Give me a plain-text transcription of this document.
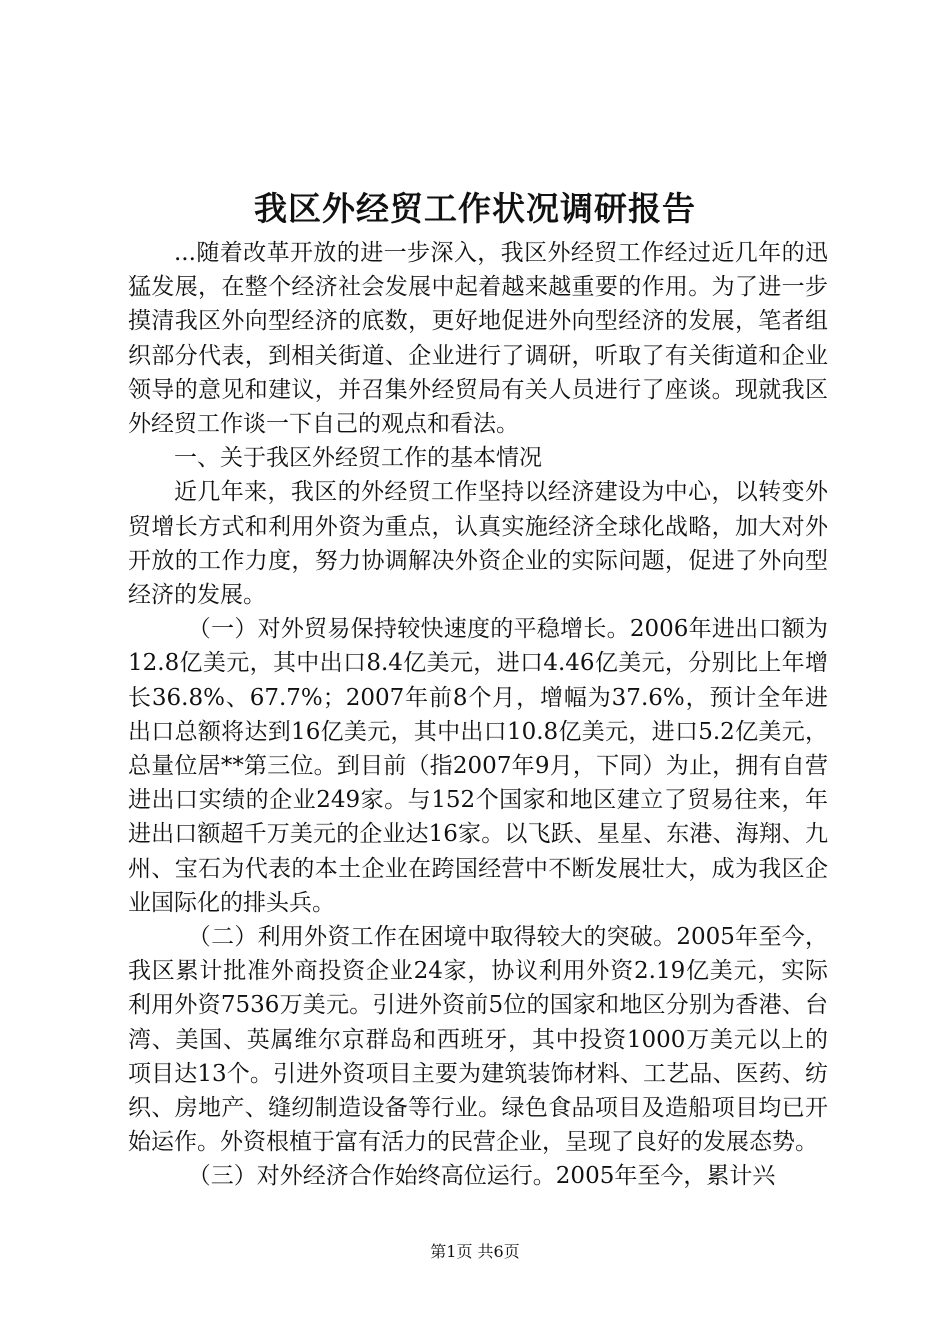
我区外经贸工作状况调研报告

...随着改革开放的进一步深入，我区外经贸工作经过近几年的迅猛发展，在整个经济社会发展中起着越来越重要的作用。为了进一步摸清我区外向型经济的底数，更好地促进外向型经济的发展，笔者组织部分代表，到相关街道、企业进行了调研，听取了有关街道和企业领导的意见和建议，并召集外经贸局有关人员进行了座谈。现就我区外经贸工作谈一下自己的观点和看法。

一、关于我区外经贸工作的基本情况

近几年来，我区的外经贸工作坚持以经济建设为中心，以转变外贸增长方式和利用外资为重点，认真实施经济全球化战略，加大对外开放的工作力度，努力协调解决外资企业的实际问题，促进了外向型经济的发展。

（一）对外贸易保持较快速度的平稳增长。2006年进出口额为12.8亿美元，其中出口8.4亿美元，进口4.46亿美元，分别比上年增长36.8%、67.7%；2007年前8个月，增幅为37.6%，预计全年进出口总额将达到16亿美元，其中出口10.8亿美元，进口5.2亿美元，总量位居**第三位。到目前（指2007年9月，下同）为止，拥有自营进出口实绩的企业249家。与152个国家和地区建立了贸易往来，年进出口额超千万美元的企业达16家。以飞跃、星星、东港、海翔、九州、宝石为代表的本土企业在跨国经营中不断发展壮大，成为我区企业国际化的排头兵。

（二）利用外资工作在困境中取得较大的突破。2005年至今，我区累计批准外商投资企业24家，协议利用外资2.19亿美元，实际利用外资7536万美元。引进外资前5位的国家和地区分别为香港、台湾、美国、英属维尔京群岛和西班牙，其中投资1000万美元以上的项目达13个。引进外资项目主要为建筑装饰材料、工艺品、医药、纺织、房地产、缝纫制造设备等行业。绿色食品项目及造船项目均已开始运作。外资根植于富有活力的民营企业，呈现了良好的发展态势。

（三）对外经济合作始终高位运行。2005年至今，累计兴

第1页 共6页
